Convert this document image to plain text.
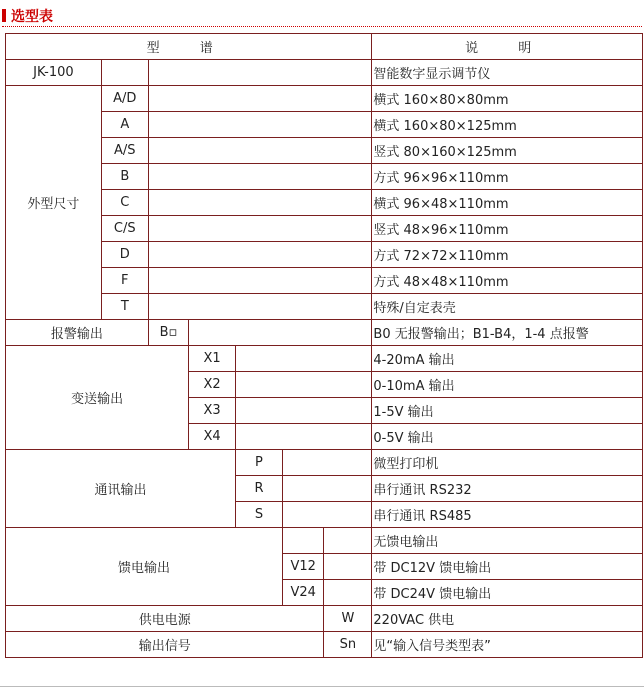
选型表
型 谱							说 明
JK-100							智能数字显示调节仪
外型尺寸	A/D						横式 160×80×80mm
	A						横式 160×80×125mm
	A/S						竖式 80×160×125mm
	B						方式 96×96×110mm
	C						横式 96×48×110mm
	C/S						竖式 48×96×110mm
	D						方式 72×72×110mm
	F						方式 48×48×110mm
	T						特殊/自定表壳
报警输出		B▫					B0 无报警输出；B1-B4，1-4 点报警
变送输出			X1				4-20mA 输出
			X2				0-10mA 输出
			X3				1-5V 输出
			X4				0-5V 输出
通讯输出				P			微型打印机
				R			串行通讯 RS232
				S			串行通讯 RS485
馈电输出							无馈电输出
					V12		带 DC12V 馈电输出
					V24		带 DC24V 馈电输出
供电电源						W	220VAC 供电
输出信号						Sn	见“输入信号类型表”
